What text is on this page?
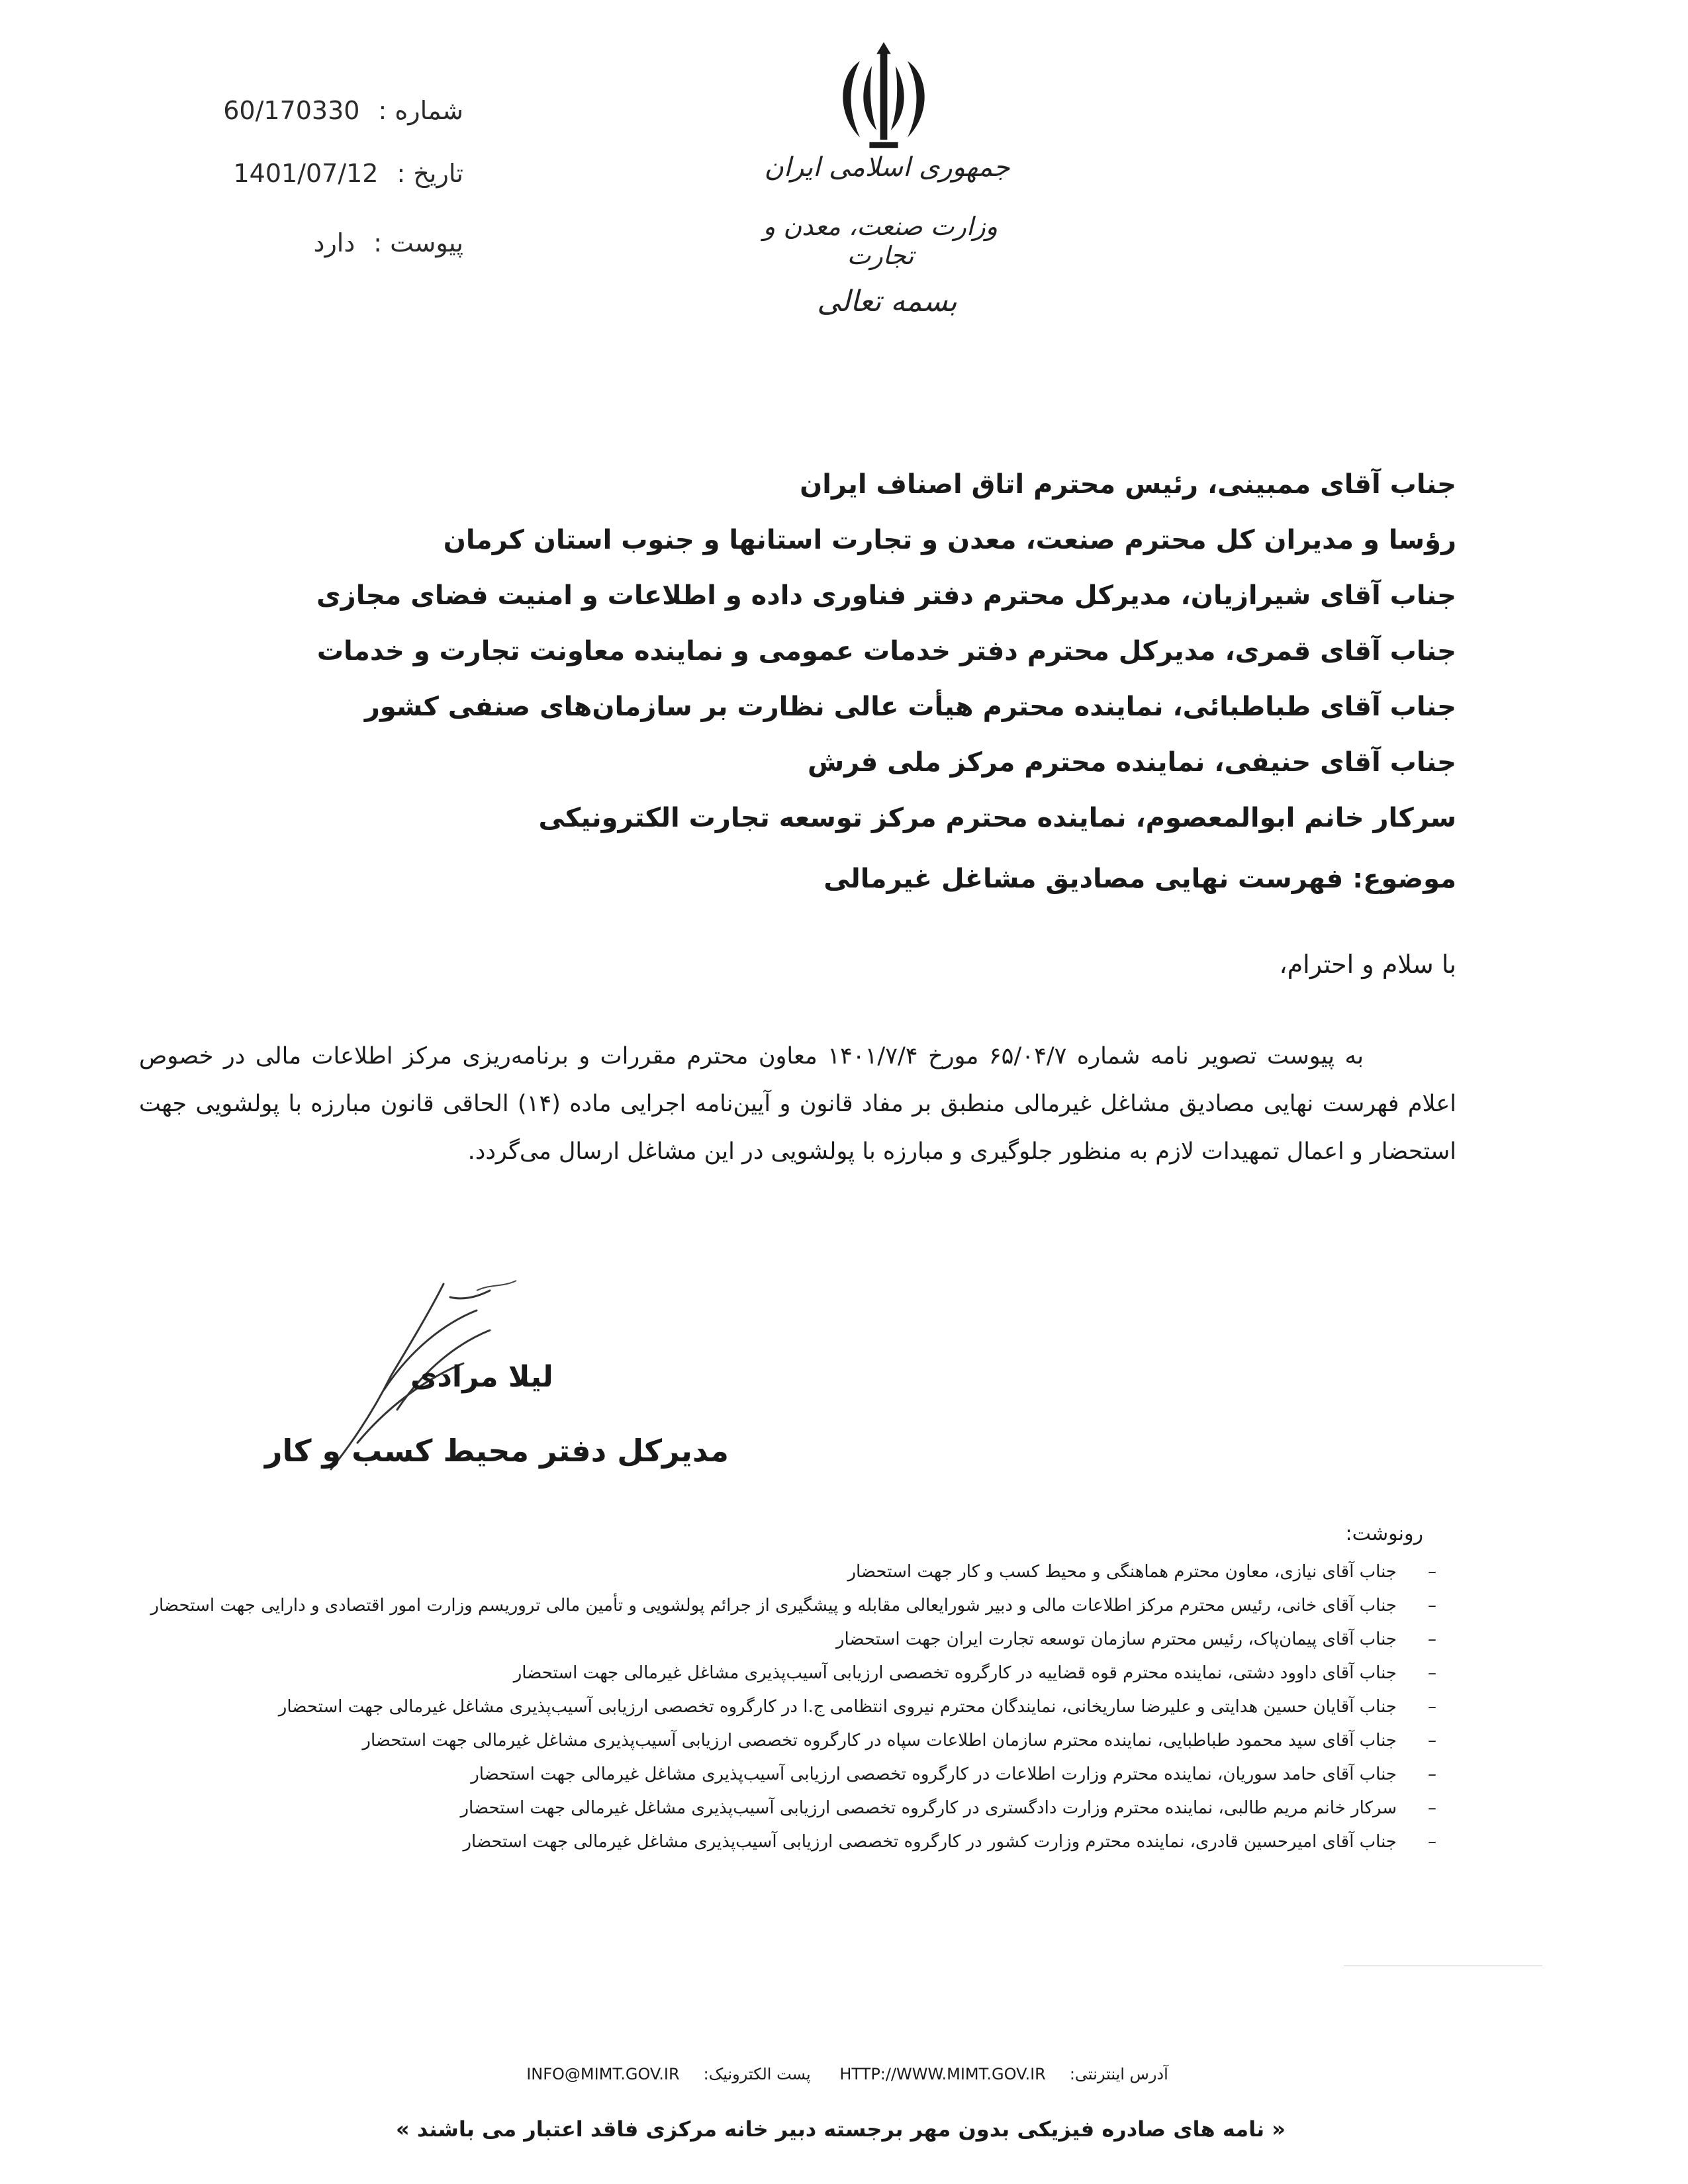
جمهوری اسلامی ایران
وزارت صنعت، معدن و تجارت
بسمه تعالی
شماره :60/170330
تاریخ :1401/07/12
پیوست :دارد
جناب آقای ممبینی، رئیس محترم اتاق اصناف ایران
رؤسا و مدیران کل محترم صنعت، معدن و تجارت استانها و جنوب استان کرمان
جناب آقای شیرازیان، مدیرکل محترم دفتر فناوری داده و اطلاعات و امنیت فضای مجازی
جناب آقای قمری، مدیرکل محترم دفتر خدمات عمومی و نماینده معاونت تجارت و خدمات
جناب آقای طباطبائی، نماینده محترم هیأت عالی نظارت بر سازمان‌های صنفی کشور
جناب آقای حنیفی، نماینده محترم مرکز ملی فرش
سرکار خانم ابوالمعصوم، نماینده محترم مرکز توسعه تجارت الکترونیکی
موضوع: فهرست نهایی مصادیق مشاغل غیرمالی
با سلام و احترام،
به پیوست تصویر نامه شماره ۶۵/۰۴/۷ مورخ ۱۴۰۱/۷/۴ معاون محترم مقررات و برنامه‌ریزی مرکز اطلاعات مالی در خصوص اعلام فهرست نهایی مصادیق مشاغل غیرمالی منطبق بر مفاد قانون و آیین‌نامه اجرایی ماده (۱۴) الحاقی قانون مبارزه با پولشویی جهت استحضار و اعمال تمهیدات لازم به منظور جلوگیری و مبارزه با پولشویی در این مشاغل ارسال می‌گردد.
لیلا مرادی
مدیرکل دفتر محیط کسب و کار
رونوشت:
–
جناب آقای نیازی، معاون محترم هماهنگی و محیط کسب و کار جهت استحضار
–
جناب آقای خانی، رئیس محترم مرکز اطلاعات مالی و دبیر شورایعالی مقابله و پیشگیری از جرائم پولشویی و تأمین مالی تروریسم وزارت امور اقتصادی و دارایی جهت استحضار
–
جناب آقای پیمان‌پاک، رئیس محترم سازمان توسعه تجارت ایران جهت استحضار
–
جناب آقای داوود دشتی، نماینده محترم قوه قضاییه در کارگروه تخصصی ارزیابی آسیب‌پذیری مشاغل غیرمالی جهت استحضار
–
جناب آقایان حسین هدایتی و علیرضا ساریخانی، نمایندگان محترم نیروی انتظامی ج.ا در کارگروه تخصصی ارزیابی آسیب‌پذیری مشاغل غیرمالی جهت استحضار
–
جناب آقای سید محمود طباطبایی، نماینده محترم سازمان اطلاعات سپاه در کارگروه تخصصی ارزیابی آسیب‌پذیری مشاغل غیرمالی جهت استحضار
–
جناب آقای حامد سوریان، نماینده محترم وزارت اطلاعات در کارگروه تخصصی ارزیابی آسیب‌پذیری مشاغل غیرمالی جهت استحضار
–
سرکار خانم مریم طالبی، نماینده محترم وزارت دادگستری در کارگروه تخصصی ارزیابی آسیب‌پذیری مشاغل غیرمالی جهت استحضار
–
جناب آقای امیرحسین قادری، نماینده محترم وزارت کشور در کارگروه تخصصی ارزیابی آسیب‌پذیری مشاغل غیرمالی جهت استحضار
آدرس اینترنتی:HTTP://WWW.MIMT.GOV.IR پست الکترونیک:INFO@MIMT.GOV.IR
« نامه های صادره فیزیکی بدون مهر برجسته دبیر خانه مرکزی فاقد اعتبار می باشند »
